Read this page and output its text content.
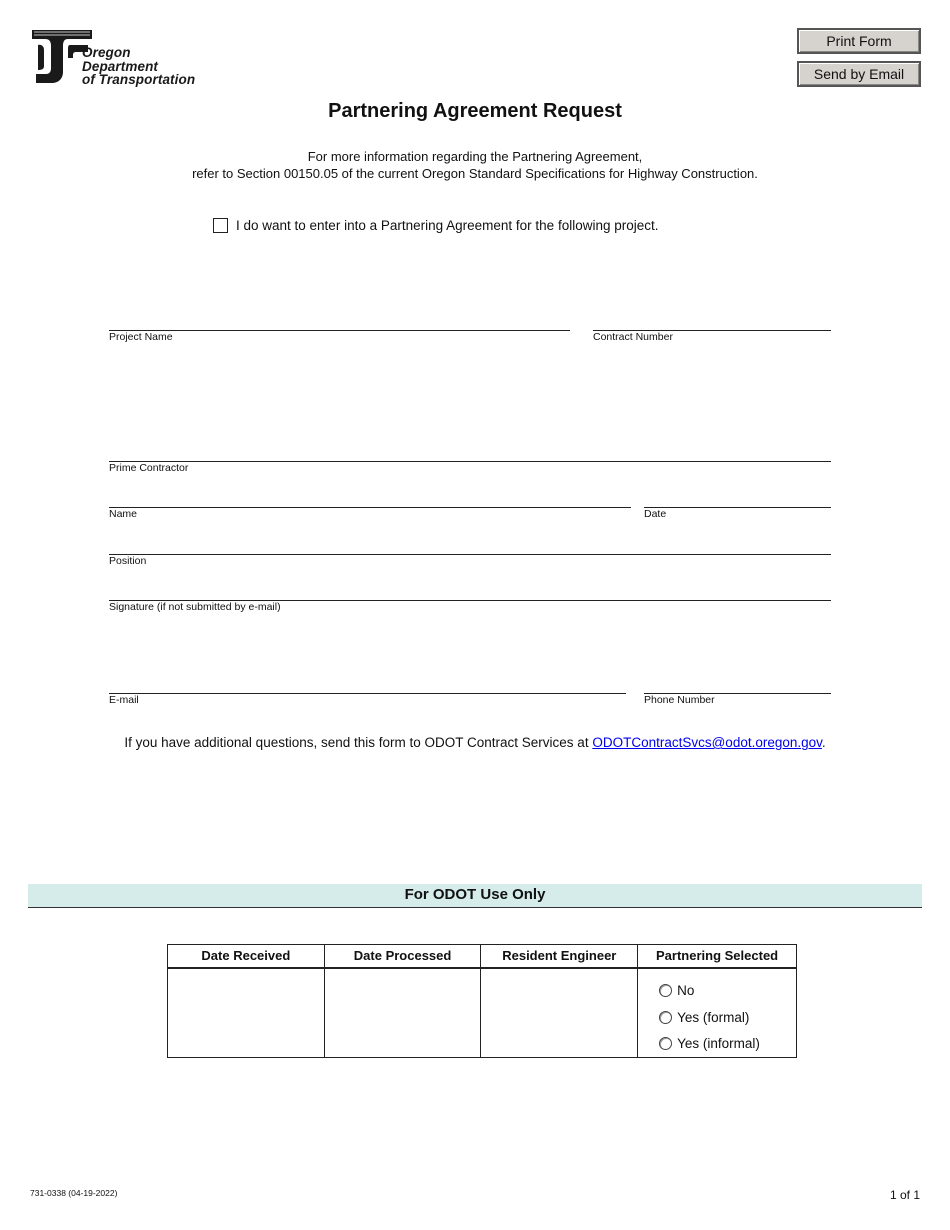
Oregon
Department
of Transportation
Print Form
Send by Email
Partnering Agreement Request
For more information regarding the Partnering Agreement,
refer to Section 00150.05 of the current Oregon Standard Specifications for Highway Construction.
I do want to enter into a Partnering Agreement for the following project.
Project Name	Contract Number
Prime Contractor
Name	Date
Position
Signature (if not submitted by e-mail)
E-mail	Phone Number
If you have additional questions, send this form to ODOT Contract Services at ODOTContractSvcs@odot.oregon.gov.
For ODOT Use Only
Date Received	Date Processed	Resident Engineer	Partnering Selected

			No
Yes (formal)
Yes (informal)
731-0338 (04-19-2022)	1 of 1
